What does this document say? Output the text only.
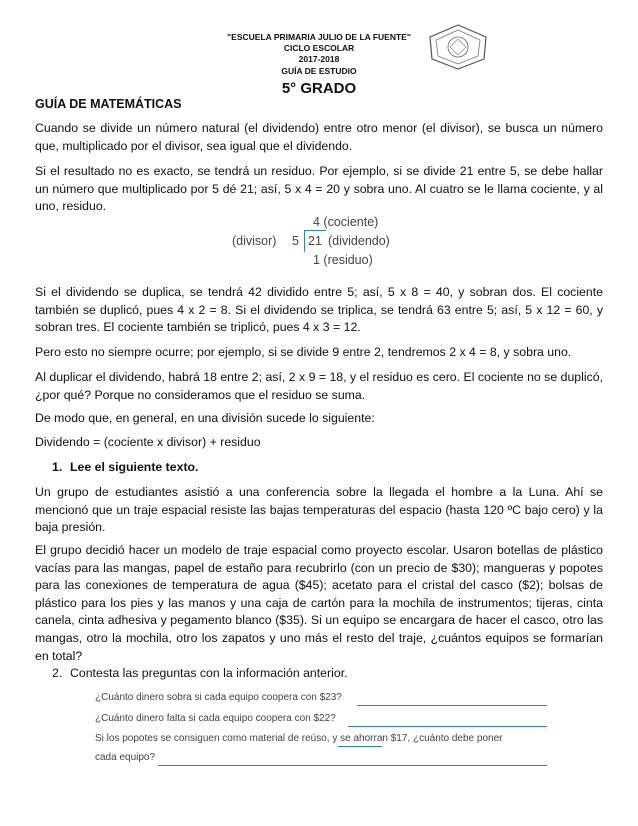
"ESCUELA PRIMARIA JULIO DE LA FUENTE"
CICLO ESCOLAR
2017-2018
GUÍA DE ESTUDIO
5° GRADO
GUÍA DE MATEMÁTICAS
Cuando se divide un número natural (el dividendo) entre otro menor (el divisor), se busca un número que, multiplicado por el divisor, sea igual que el dividendo.
Si el resultado no es exacto, se tendrá un residuo. Por ejemplo, si se divide 21 entre 5, se debe hallar un número que multiplicado por 5 dé 21; así, 5 x 4 = 20 y sobra uno. Al cuatro se le llama cociente, y al uno, residuo.
4 (cociente)
(divisor) 5 21 (dividendo)
1 (residuo)
Si el dividendo se duplica, se tendrá 42 dividido entre 5; así, 5 x 8 = 40, y sobran dos. El cociente también se duplicó, pues 4 x 2 = 8. Si el dividendo se triplica, se tendrá 63 entre 5; así, 5 x 12 = 60, y sobran tres. El cociente también se triplicó, pues 4 x 3 = 12.
Pero esto no siempre ocurre; por ejemplo, si se divide 9 entre 2, tendremos 2 x 4 = 8, y sobra uno.
Al duplicar el dividendo, habrá 18 entre 2; así, 2 x 9 = 18, y el residuo es cero. El cociente no se duplicó, ¿por qué? Porque no consideramos que el residuo se suma.
De modo que, en general, en una división sucede lo siguiente:
Dividendo = (cociente x divisor) + residuo
1. Lee el siguiente texto.
Un grupo de estudiantes asistió a una conferencia sobre la llegada el hombre a la Luna. Ahí se mencionó que un traje espacial resiste las bajas temperaturas del espacio (hasta 120 ºC bajo cero) y la baja presión.
El grupo decidió hacer un modelo de traje espacial como proyecto escolar. Usaron botellas de plástico vacías para las mangas, papel de estaño para recubrirlo (con un precio de $30); mangueras y popotes para las conexiones de temperatura de agua ($45); acetato para el cristal del casco ($2); bolsas de plástico para los pies y las manos y una caja de cartón para la mochila de instrumentos; tijeras, cinta canela, cinta adhesiva y pegamento blanco ($35). Si un equipo se encargara de hacer el casco, otro las mangas, otro la mochila, otro los zapatos y uno más el resto del traje, ¿cuántos equipos se formarían en total?
2. Contesta las preguntas con la información anterior.
¿Cuánto dinero sobra si cada equipo coopera con $23?
¿Cuánto dinero falta si cada equipo coopera con $22?
Si los popotes se consiguen como material de reúso, y se ahorran $17, ¿cuánto debe poner
cada equipo?
